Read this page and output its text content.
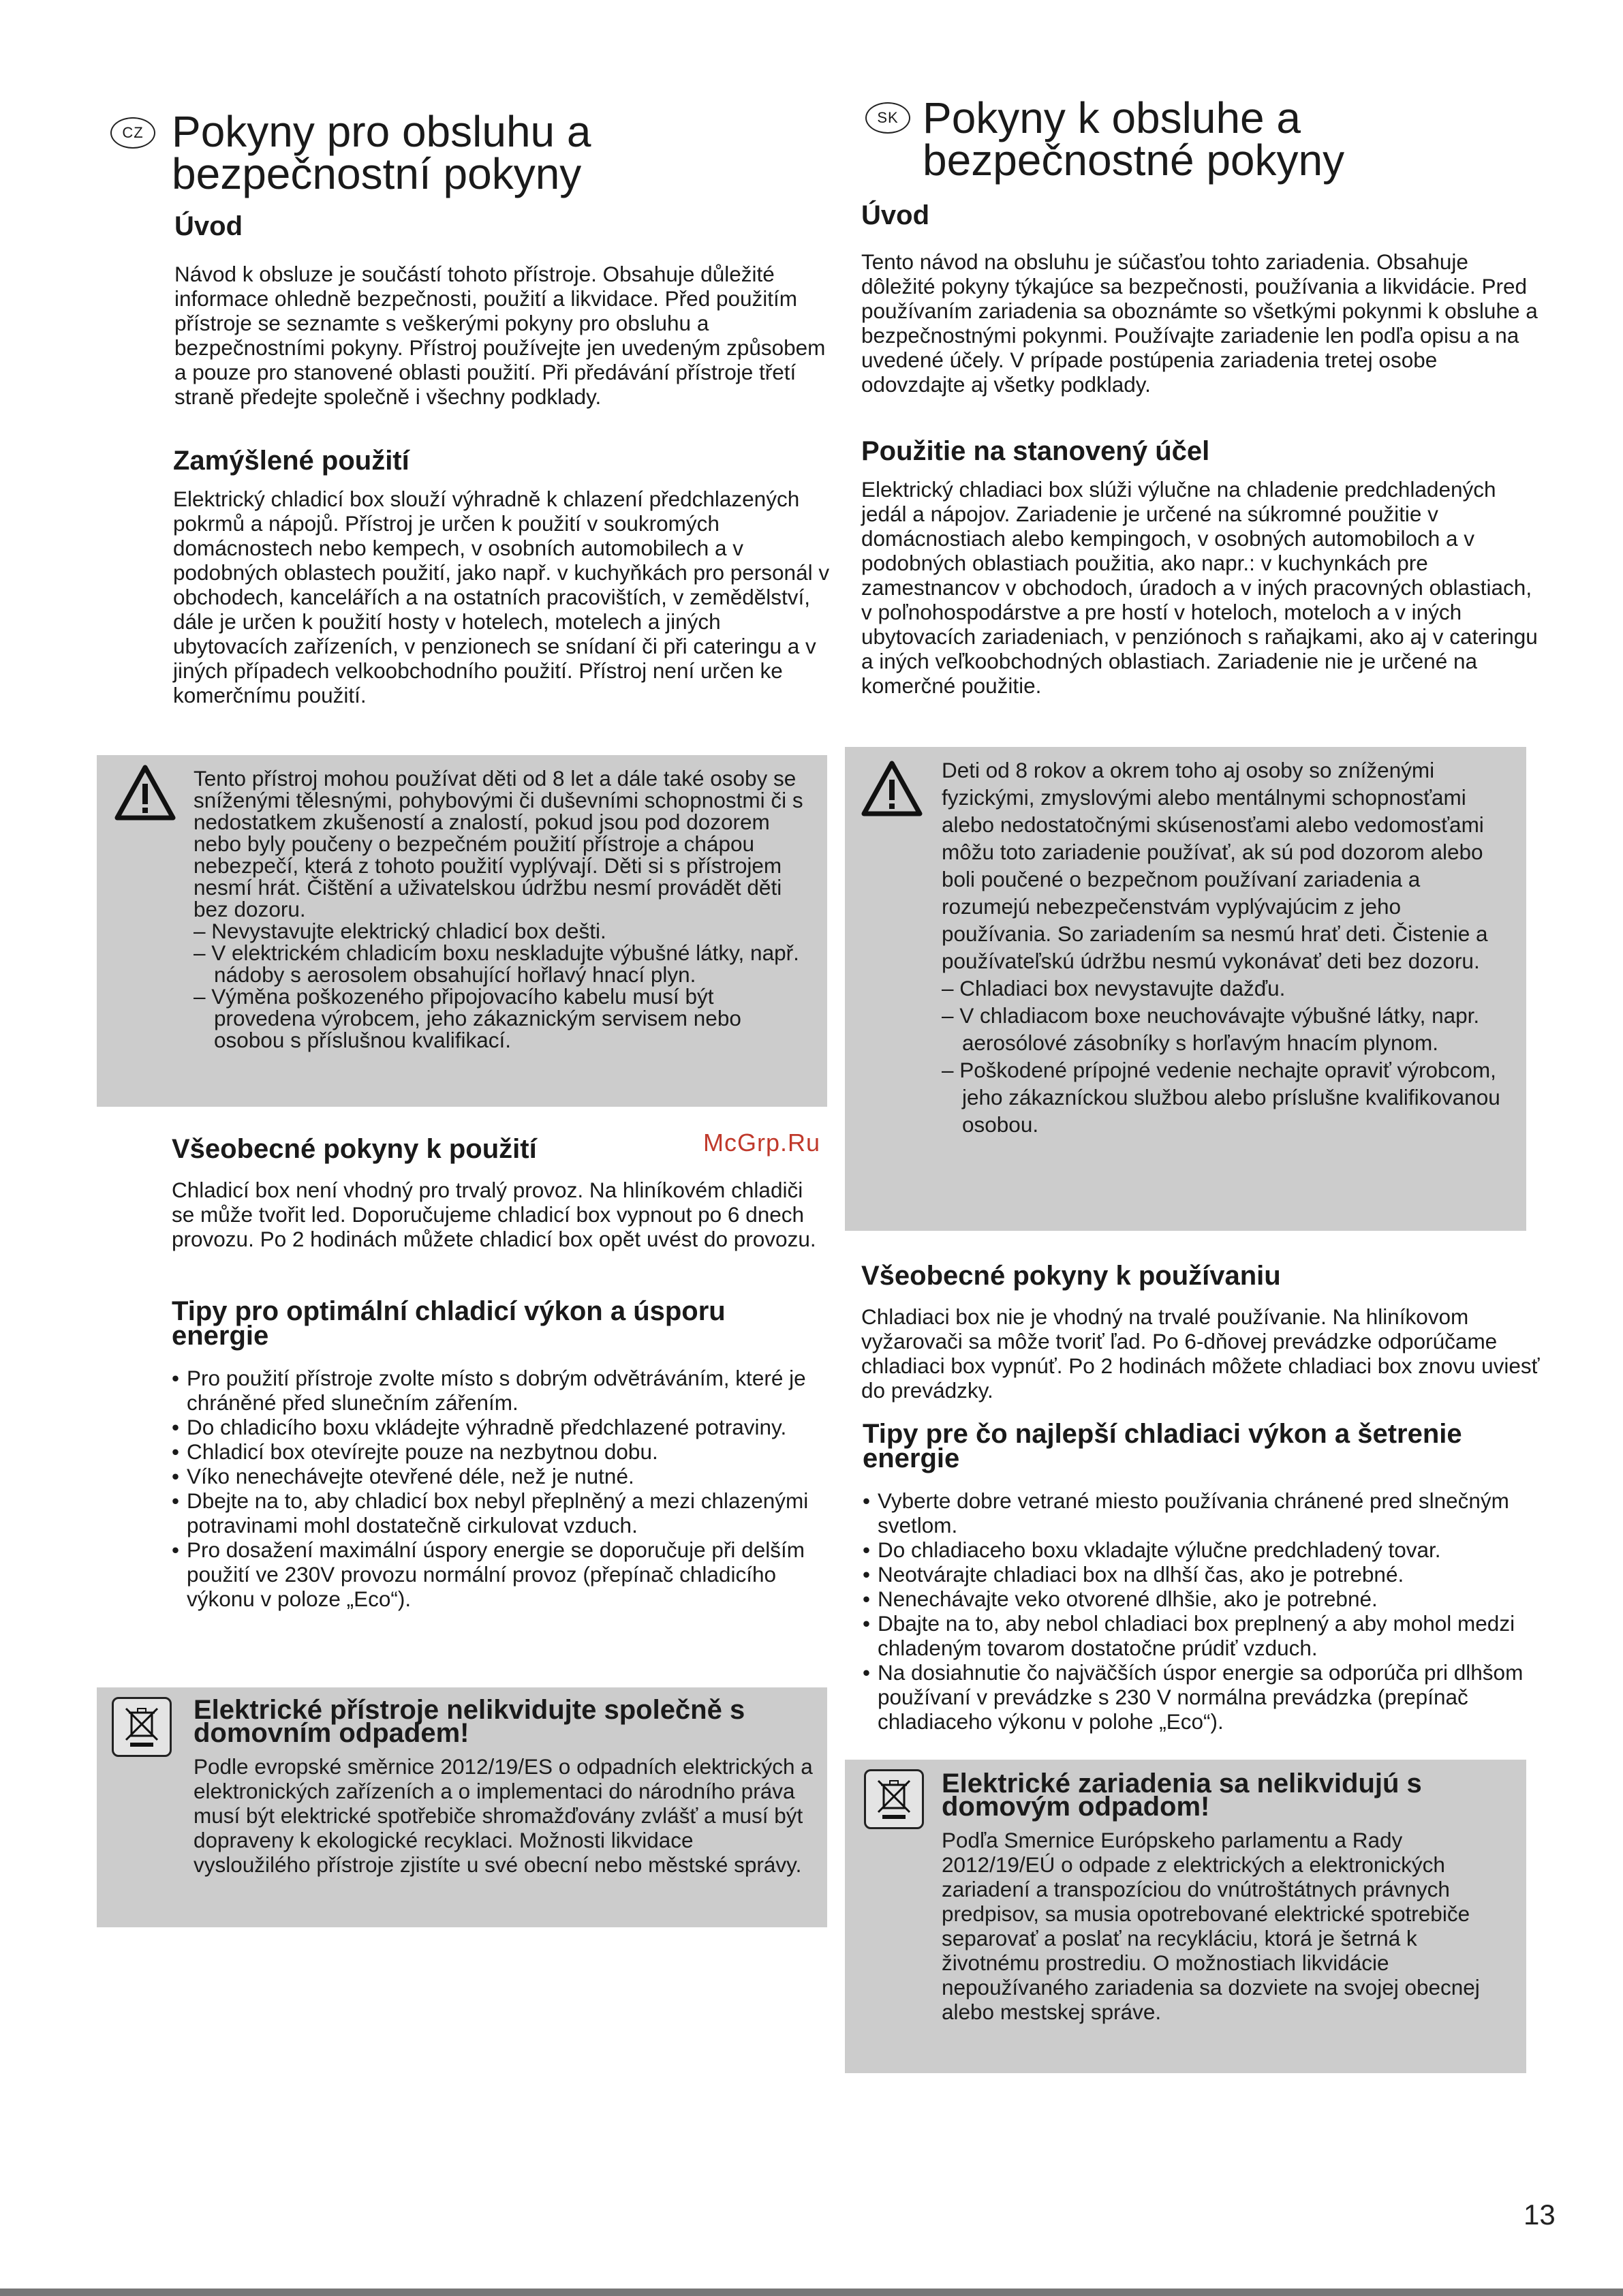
CZ Pokyny pro obsluhu a
bezpečnostní pokyny
Úvod

Návod k obsluze je součástí tohoto přístroje. Obsahuje důležité informace ohledně bezpečnosti, použití a likvidace. Před použitím přístroje se seznamte s veškerými pokyny pro obsluhu a bezpečnostními pokyny. Přístroj používejte jen uvedeným způsobem a pouze pro stanovené oblasti použití. Při předávání přístroje třetí straně předejte společně i všechny podklady.

Zamýšlené použití

Elektrický chladicí box slouží výhradně k chlazení předchlazených pokrmů a nápojů. Přístroj je určen k použití v soukromých domácnostech nebo kempech, v osobních automobilech a v podobných oblastech použití, jako např. v kuchyňkách pro personál v obchodech, kancelářích a na ostatních pracovištích, v zemědělství, dále je určen k použití hosty v hotelech, motelech a jiných ubytovacích zařízeních, v penzionech se snídaní či při cateringu a v jiných případech velkoobchodního použití. Přístroj není určen ke komerčnímu použití.

Tento přístroj mohou používat děti od 8 let a dále také osoby se sníženými tělesnými, pohybovými či duševními schopnostmi či s nedostatkem zkušeností a znalostí, pokud jsou pod dozorem nebo byly poučeny o bezpečném použití přístroje a chápou nebezpečí, která z tohoto použití vyplývají. Děti si s přístrojem nesmí hrát. Čištění a uživatelskou údržbu nesmí provádět děti bez dozoru.

– Nevystavujte elektrický chladicí box dešti.

– V elektrickém chladicím boxu neskladujte výbušné látky, např. nádoby s aerosolem obsahující hořlavý hnací plyn.

– Výměna poškozeného připojovacího kabelu musí být provedena výrobcem, jeho zákaznickým servisem nebo osobou s příslušnou kvalifikací.

Všeobecné pokyny k použití

Chladicí box není vhodný pro trvalý provoz. Na hliníkovém chladiči se může tvořit led. Doporučujeme chladicí box vypnout po 6 dnech provozu. Po 2 hodinách můžete chladicí box opět uvést do provozu.

Tipy pro optimální chladicí výkon a úsporu energie
• Pro použití přístroje zvolte místo s dobrým odvětráváním, které je chráněné před slunečním zářením.
• Do chladicího boxu vkládejte výhradně předchlazené potraviny.
• Chladicí box otevírejte pouze na nezbytnou dobu.
• Víko nenechávejte otevřené déle, než je nutné.
• Dbejte na to, aby chladicí box nebyl přeplněný a mezi chlazenými potravinami mohl dostatečně cirkulovat vzduch.
• Pro dosažení maximální úspory energie se doporučuje při delším použití ve 230V provozu normální provoz (přepínač chladicího výkonu v poloze „Eco“).

Elektrické přístroje nelikvidujte společně s domovním odpadem!

Podle evropské směrnice 2012/19/ES o odpadních elektrických a elektronických zařízeních a o implementaci do národního práva musí být elektrické spotřebiče shromažďovány zvlášť a musí být dopraveny k ekologické recyklaci. Možnosti likvidace vysloužilého přístroje zjistíte u své obecní nebo městské správy.

SK Pokyny k obsluhe a
bezpečnostné pokyny
Úvod

Tento návod na obsluhu je súčasťou tohto zariadenia. Obsahuje dôležité pokyny týkajúce sa bezpečnosti, používania a likvidácie. Pred používaním zariadenia sa oboznámte so všetkými pokynmi k obsluhe a bezpečnostnými pokynmi. Používajte zariadenie len podľa opisu a na uvedené účely. V prípade postúpenia zariadenia tretej osobe odovzdajte aj všetky podklady.

Použitie na stanovený účel

Elektrický chladiaci box slúži výlučne na chladenie predchladených jedál a nápojov. Zariadenie je určené na súkromné použitie v domácnostiach alebo kempingoch, v osobných automobiloch a v podobných oblastiach použitia, ako napr.: v kuchynkách pre zamestnancov v obchodoch, úradoch a v iných pracovných oblastiach, v poľnohospodárstve a pre hostí v hoteloch, moteloch a v iných ubytovacích zariadeniach, v penziónoch s raňajkami, ako aj v cateringu a iných veľkoobchodných oblastiach. Zariadenie nie je určené na komerčné použitie.

Deti od 8 rokov a okrem toho aj osoby so zníženými fyzickými, zmyslovými alebo mentálnymi schopnosťami alebo nedostatočnými skúsenosťami alebo vedomosťami môžu toto zariadenie používať, ak sú pod dozorom alebo boli poučené o bezpečnom používaní zariadenia a rozumejú nebezpečenstvám vyplývajúcim z jeho používania. So zariadením sa nesmú hrať deti. Čistenie a používateľskú údržbu nesmú vykonávať deti bez dozoru.

– Chladiaci box nevystavujte dažďu.

– V chladiacom boxe neuchovávajte výbušné látky, napr. aerosólové zásobníky s horľavým hnacím plynom.

– Poškodené prípojné vedenie nechajte opraviť výrobcom, jeho zákazníckou službou alebo príslušne kvalifikovanou osobou.

Všeobecné pokyny k používaniu

Chladiaci box nie je vhodný na trvalé používanie. Na hliníkovom vyžarovači sa môže tvoriť ľad. Po 6-dňovej prevádzke odporúčame chladiaci box vypnúť. Po 2 hodinách môžete chladiaci box znovu uviesť do prevádzky.

Tipy pre čo najlepší chladiaci výkon a šetrenie energie
• Vyberte dobre vetrané miesto používania chránené pred slnečným svetlom.
• Do chladiaceho boxu vkladajte výlučne predchladený tovar.
• Neotvárajte chladiaci box na dlhší čas, ako je potrebné.
• Nenechávajte veko otvorené dlhšie, ako je potrebné.
• Dbajte na to, aby nebol chladiaci box preplnený a aby mohol medzi chladeným tovarom dostatočne prúdiť vzduch.
• Na dosiahnutie čo najväčších úspor energie sa odporúča pri dlhšom používaní v prevádzke s 230 V normálna prevádzka (prepínač chladiaceho výkonu v polohe „Eco“).

Elektrické zariadenia sa nelikvidujú s domovým odpadom!

Podľa Smernice Európskeho parlamentu a Rady 2012/19/EÚ o odpade z elektrických a elektronických zariadení a transpozíciou do vnútroštátnych právnych predpisov, sa musia opotrebované elektrické spotrebiče separovať a poslať na recykláciu, ktorá je šetrná k životnému prostrediu. O možnostiach likvidácie nepoužívaného zariadenia sa dozviete na svojej obecnej alebo mestskej správe.

McGrp.Ru
13
